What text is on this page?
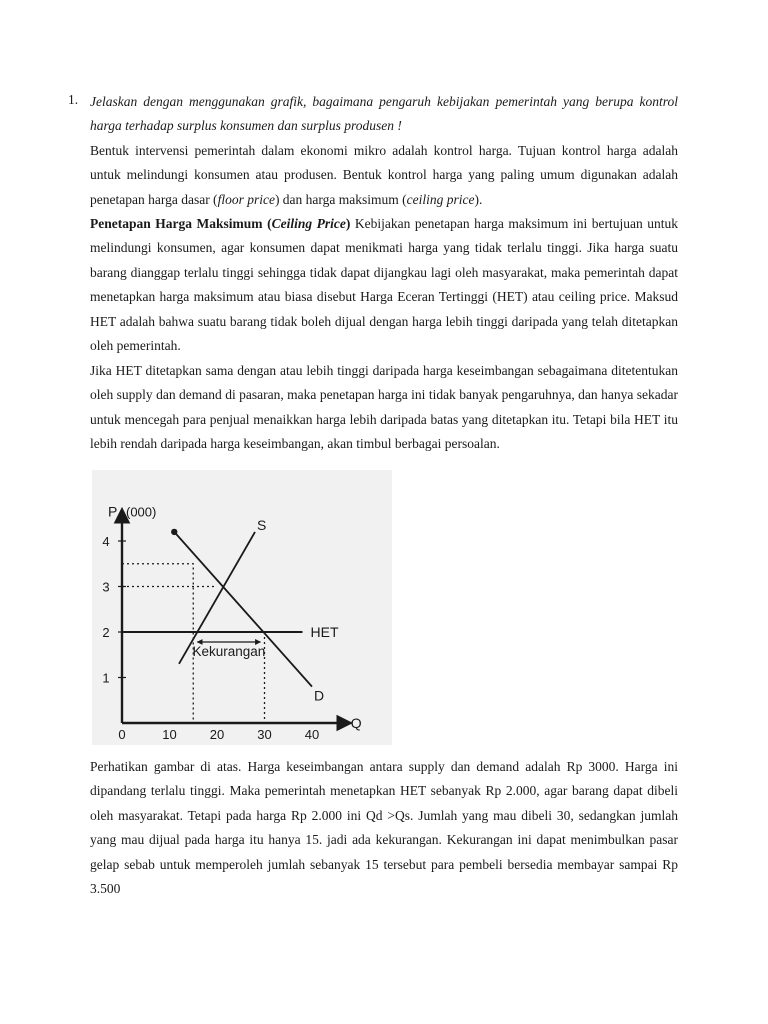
1. Jelaskan dengan menggunakan grafik, bagaimana pengaruh kebijakan pemerintah yang berupa kontrol harga terhadap surplus konsumen dan surplus produsen !
Bentuk intervensi pemerintah dalam ekonomi mikro adalah kontrol harga. Tujuan kontrol harga adalah untuk melindungi konsumen atau produsen. Bentuk kontrol harga yang paling umum digunakan adalah penetapan harga dasar (floor price) dan harga maksimum (ceiling price).
Penetapan Harga Maksimum (Ceiling Price) Kebijakan penetapan harga maksimum ini bertujuan untuk melindungi konsumen, agar konsumen dapat menikmati harga yang tidak terlalu tinggi. Jika harga suatu barang dianggap terlalu tinggi sehingga tidak dapat dijangkau lagi oleh masyarakat, maka pemerintah dapat menetapkan harga maksimum atau biasa disebut Harga Eceran Tertinggi (HET) atau ceiling price. Maksud HET adalah bahwa suatu barang tidak boleh dijual dengan harga lebih tinggi daripada yang telah ditetapkan oleh pemerintah.
Jika HET ditetapkan sama dengan atau lebih tinggi daripada harga keseimbangan sebagaimana ditetentukan oleh supply dan demand di pasaran, maka penetapan harga ini tidak banyak pengaruhnya, dan hanya sekadar untuk mencegah para penjual menaikkan harga lebih daripada batas yang ditetapkan itu. Tetapi bila HET itu lebih rendah daripada harga keseimbangan, akan timbul berbagai persoalan.
Q
P (000)
0	10	20	30	40
1
2
3
4
S
D
HET
Kekurangan
Perhatikan gambar di atas. Harga keseimbangan antara supply dan demand adalah Rp 3000. Harga ini dipandang terlalu tinggi. Maka pemerintah menetapkan HET sebanyak Rp 2.000, agar barang dapat dibeli oleh masyarakat. Tetapi pada harga Rp 2.000 ini Qd >Qs. Jumlah yang mau dibeli 30, sedangkan jumlah yang mau dijual pada harga itu hanya 15. jadi ada kekurangan. Kekurangan ini dapat menimbulkan pasar gelap sebab untuk memperoleh jumlah sebanyak 15 tersebut para pembeli bersedia membayar sampai Rp 3.500
